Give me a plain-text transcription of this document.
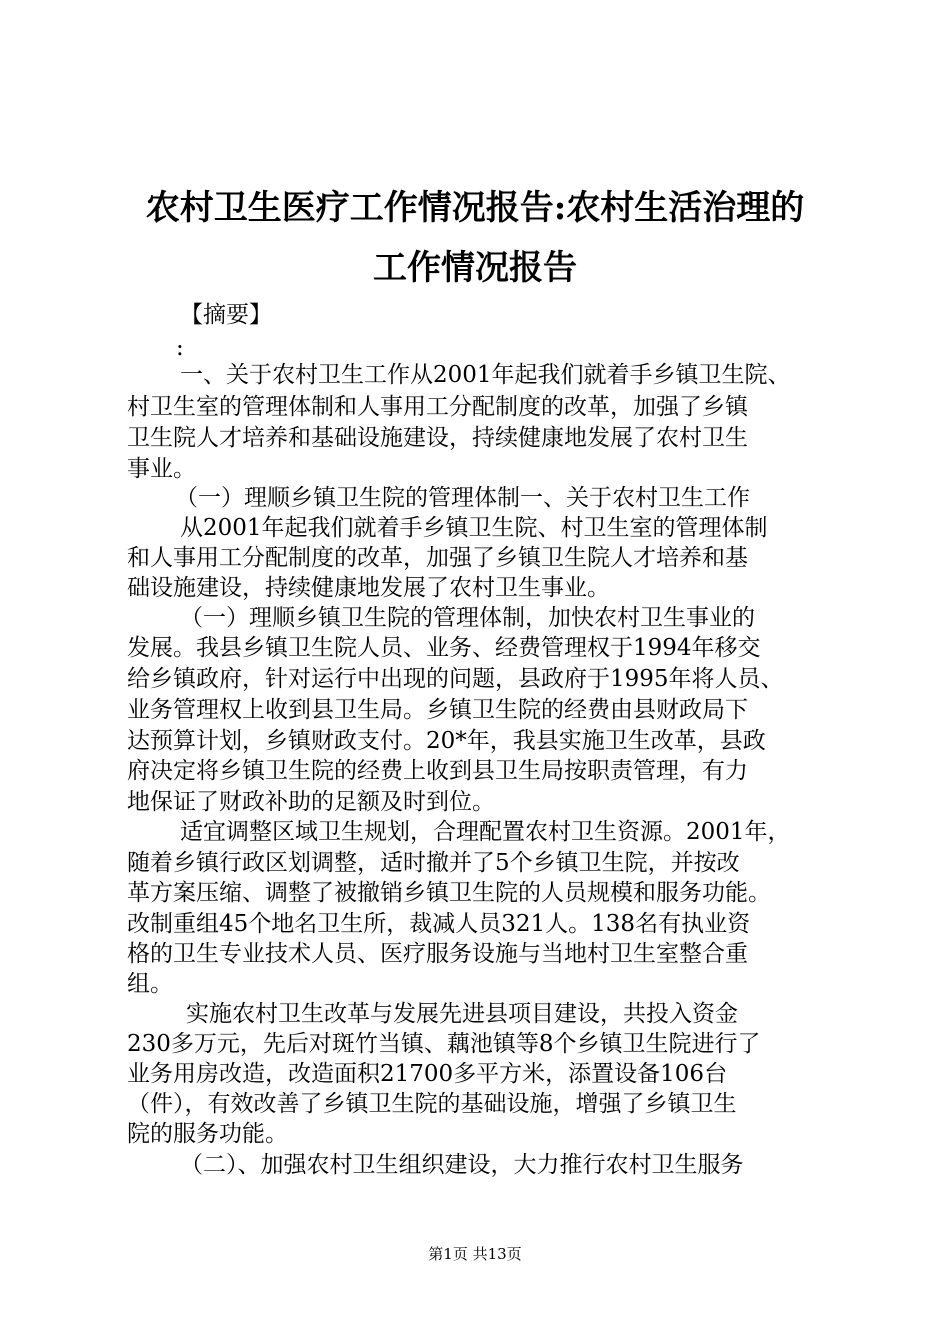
农村卫生医疗工作情况报告:农村生活治理的
工作情况报告
【摘要】
:
一、关于农村卫生工作从2001年起我们就着手乡镇卫生院、
村卫生室的管理体制和人事用工分配制度的改革，加强了乡镇
卫生院人才培养和基础设施建设，持续健康地发展了农村卫生
事业。
（一）理顺乡镇卫生院的管理体制一、关于农村卫生工作
从2001年起我们就着手乡镇卫生院、村卫生室的管理体制
和人事用工分配制度的改革，加强了乡镇卫生院人才培养和基
础设施建设，持续健康地发展了农村卫生事业。
（一）理顺乡镇卫生院的管理体制，加快农村卫生事业的
发展。我县乡镇卫生院人员、业务、经费管理权于1994年移交
给乡镇政府，针对运行中出现的问题，县政府于1995年将人员、
业务管理权上收到县卫生局。乡镇卫生院的经费由县财政局下
达预算计划，乡镇财政支付。20*年，我县实施卫生改革，县政
府决定将乡镇卫生院的经费上收到县卫生局按职责管理，有力
地保证了财政补助的足额及时到位。
适宜调整区域卫生规划，合理配置农村卫生资源。2001年，
随着乡镇行政区划调整，适时撤并了5个乡镇卫生院，并按改
革方案压缩、调整了被撤销乡镇卫生院的人员规模和服务功能。
改制重组45个地名卫生所，裁减人员321人。138名有执业资
格的卫生专业技术人员、医疗服务设施与当地村卫生室整合重
组。
实施农村卫生改革与发展先进县项目建设，共投入资金
230多万元，先后对斑竹当镇、藕池镇等8个乡镇卫生院进行了
业务用房改造，改造面积21700多平方米，添置设备106台
（件），有效改善了乡镇卫生院的基础设施，增强了乡镇卫生
院的服务功能。
（二）、加强农村卫生组织建设，大力推行农村卫生服务
第1页 共13页
